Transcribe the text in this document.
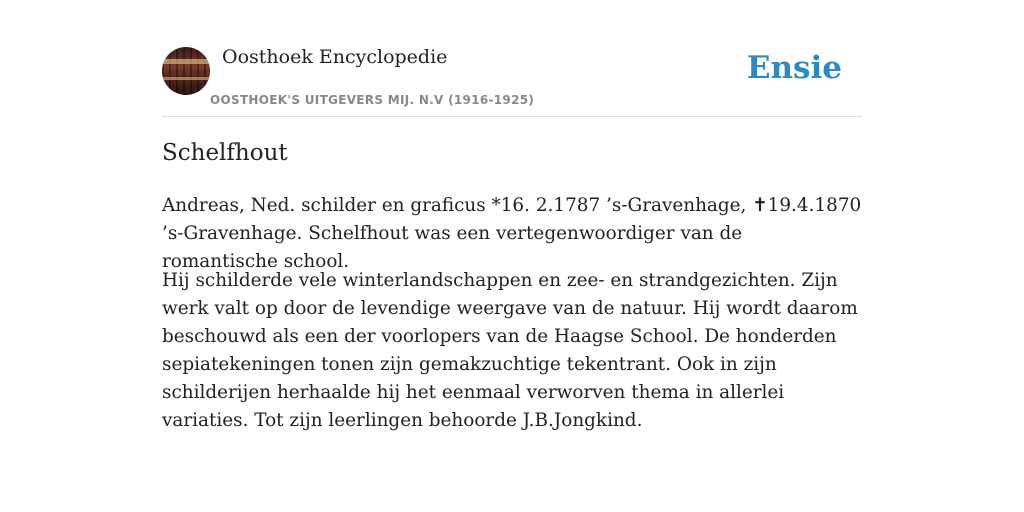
Oosthoek Encyclopedie
OOSTHOEK'S UITGEVERS MIJ. N.V (1916-1925)
Ensie
Schelfhout

Andreas, Ned. schilder en graficus *16. 2.1787 ’s-Gravenhage, ✝19.4.1870 ’s-Gravenhage. Schelfhout was een vertegenwoordiger van de romantische school.

Hij schilderde vele winterlandschappen en zee- en strandgezichten. Zijn werk valt op door de levendige weergave van de natuur. Hij wordt daarom beschouwd als een der voorlopers van de Haagse School. De honderden sepiatekeningen tonen zijn gemakzuchtige tekentrant. Ook in zijn schilderijen herhaalde hij het eenmaal verworven thema in allerlei variaties. Tot zijn leerlingen behoorde J.B.Jongkind.
